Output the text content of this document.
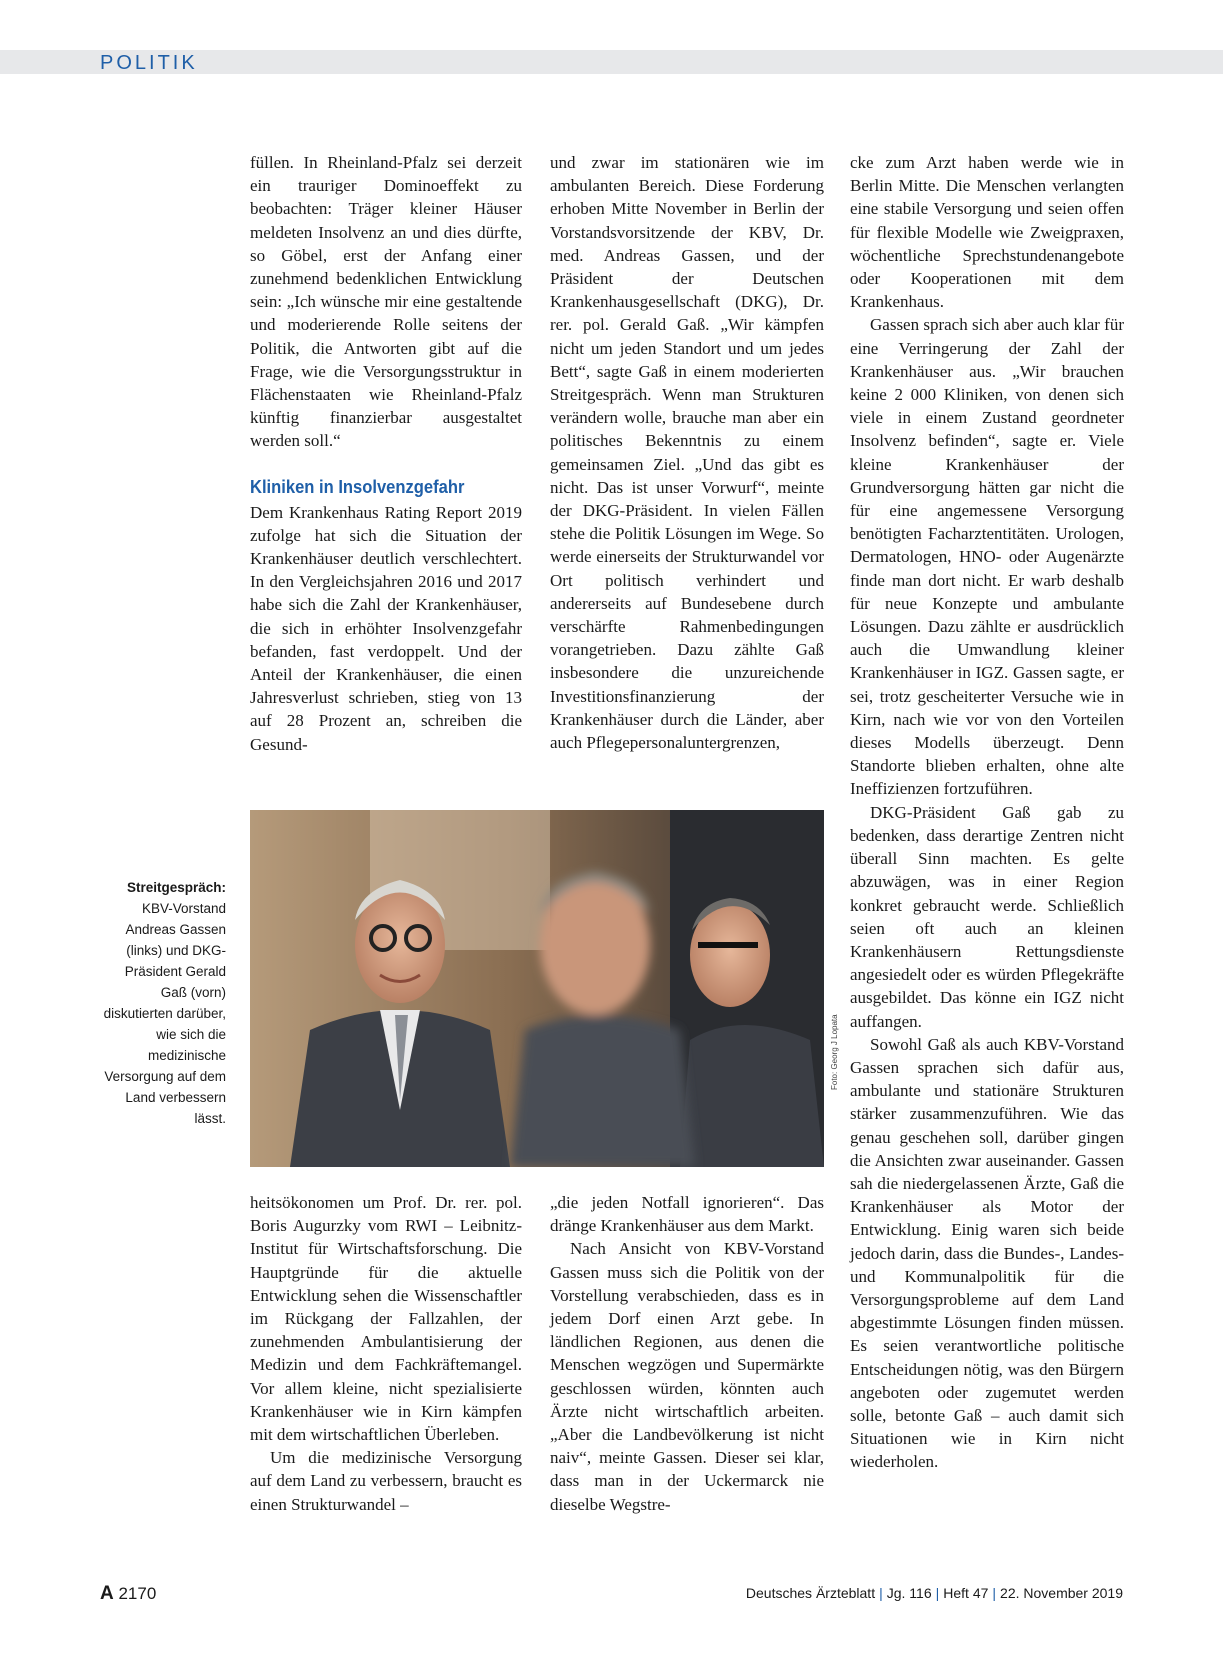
POLITIK

füllen. In Rheinland-Pfalz sei derzeit ein trauriger Dominoeffekt zu beobachten: Träger kleiner Häuser meldeten Insolvenz an und dies dürfte, so Göbel, erst der Anfang einer zunehmend bedenklichen Entwicklung sein: „Ich wünsche mir eine gestaltende und moderierende Rolle seitens der Politik, die Antworten gibt auf die Frage, wie die Versorgungsstruktur in Flächenstaaten wie Rheinland-Pfalz künftig finanzierbar ausgestaltet werden soll.“

Kliniken in Insolvenzgefahr

Dem Krankenhaus Rating Report 2019 zufolge hat sich die Situation der Krankenhäuser deutlich verschlechtert. In den Vergleichsjahren 2016 und 2017 habe sich die Zahl der Krankenhäuser, die sich in erhöhter Insolvenzgefahr befanden, fast verdoppelt. Und der Anteil der Krankenhäuser, die einen Jahresverlust schrieben, stieg von 13 auf 28 Prozent an, schreiben die Gesund-

und zwar im stationären wie im ambulanten Bereich. Diese Forderung erhoben Mitte November in Berlin der Vorstandsvorsitzende der KBV, Dr. med. Andreas Gassen, und der Präsident der Deutschen Krankenhausgesellschaft (DKG), Dr. rer. pol. Gerald Gaß. „Wir kämpfen nicht um jeden Standort und um jedes Bett“, sagte Gaß in einem moderierten Streitgespräch. Wenn man Strukturen verändern wolle, brauche man aber ein politisches Bekenntnis zu einem gemeinsamen Ziel. „Und das gibt es nicht. Das ist unser Vorwurf“, meinte der DKG-Präsident. In vielen Fällen stehe die Politik Lösungen im Wege. So werde einerseits der Strukturwandel vor Ort politisch verhindert und andererseits auf Bundesebene durch verschärfte Rahmenbedingungen vorangetrieben. Dazu zählte Gaß insbesondere die unzureichende Investitionsfinanzierung der Krankenhäuser durch die Länder, aber auch Pflegepersonaluntergrenzen,

cke zum Arzt haben werde wie in Berlin Mitte. Die Menschen verlangten eine stabile Versorgung und seien offen für flexible Modelle wie Zweigpraxen, wöchentliche Sprechstundenangebote oder Kooperationen mit dem Krankenhaus.

Gassen sprach sich aber auch klar für eine Verringerung der Zahl der Krankenhäuser aus. „Wir brauchen keine 2 000 Kliniken, von denen sich viele in einem Zustand geordneter Insolvenz befinden“, sagte er. Viele kleine Krankenhäuser der Grundversorgung hätten gar nicht die für eine angemessene Versorgung benötigten Facharztentitäten. Urologen, Dermatologen, HNO- oder Augenärzte finde man dort nicht. Er warb deshalb für neue Konzepte und ambulante Lösungen. Dazu zählte er ausdrücklich auch die Umwandlung kleiner Krankenhäuser in IGZ. Gassen sagte, er sei, trotz gescheiterter Versuche wie in Kirn, nach wie vor von den Vorteilen dieses Modells überzeugt. Denn Standorte blieben erhalten, ohne alte Ineffizienzen fortzuführen.

DKG-Präsident Gaß gab zu bedenken, dass derartige Zentren nicht überall Sinn machten. Es gelte abzuwägen, was in einer Region konkret gebraucht werde. Schließlich seien oft auch an kleinen Krankenhäusern Rettungsdienste angesiedelt oder es würden Pflegekräfte ausgebildet. Das könne ein IGZ nicht auffangen.

Sowohl Gaß als auch KBV-Vorstand Gassen sprachen sich dafür aus, ambulante und stationäre Strukturen stärker zusammenzuführen. Wie das genau geschehen soll, darüber gingen die Ansichten zwar auseinander. Gassen sah die niedergelassenen Ärzte, Gaß die Krankenhäuser als Motor der Entwicklung. Einig waren sich beide jedoch darin, dass die Bundes-, Landes- und Kommunalpolitik für die Versorgungsprobleme auf dem Land abgestimmte Lösungen finden müssen. Es seien verantwortliche politische Entscheidungen nötig, was den Bürgern angeboten oder zugemutet werden solle, betonte Gaß – auch damit sich Situationen wie in Kirn nicht wiederholen.

Foto: Georg J Lopata
Streitgespräch:
KBV-Vorstand Andreas Gassen (links) und DKG-Präsident Gerald Gaß (vorn) diskutierten darüber, wie sich die medizinische Versorgung auf dem Land verbessern lässt.

heitsökonomen um Prof. Dr. rer. pol. Boris Augurzky vom RWI – Leibnitz-Institut für Wirtschaftsforschung. Die Hauptgründe für die aktuelle Entwicklung sehen die Wissenschaftler im Rückgang der Fallzahlen, der zunehmenden Ambulantisierung der Medizin und dem Fachkräftemangel. Vor allem kleine, nicht spezialisierte Krankenhäuser wie in Kirn kämpfen mit dem wirtschaftlichen Überleben.

Um die medizinische Versorgung auf dem Land zu verbessern, braucht es einen Strukturwandel –

„die jeden Notfall ignorieren“. Das dränge Krankenhäuser aus dem Markt.

Nach Ansicht von KBV-Vorstand Gassen muss sich die Politik von der Vorstellung verabschieden, dass es in jedem Dorf einen Arzt gebe. In ländlichen Regionen, aus denen die Menschen wegzögen und Supermärkte geschlossen würden, könnten auch Ärzte nicht wirtschaftlich arbeiten. „Aber die Landbevölkerung ist nicht naiv“, meinte Gassen. Dieser sei klar, dass man in der Uckermarck nie dieselbe Wegstre-

A 2170	Deutsches Ärzteblatt | Jg. 116 | Heft 47 | 22. November 2019
